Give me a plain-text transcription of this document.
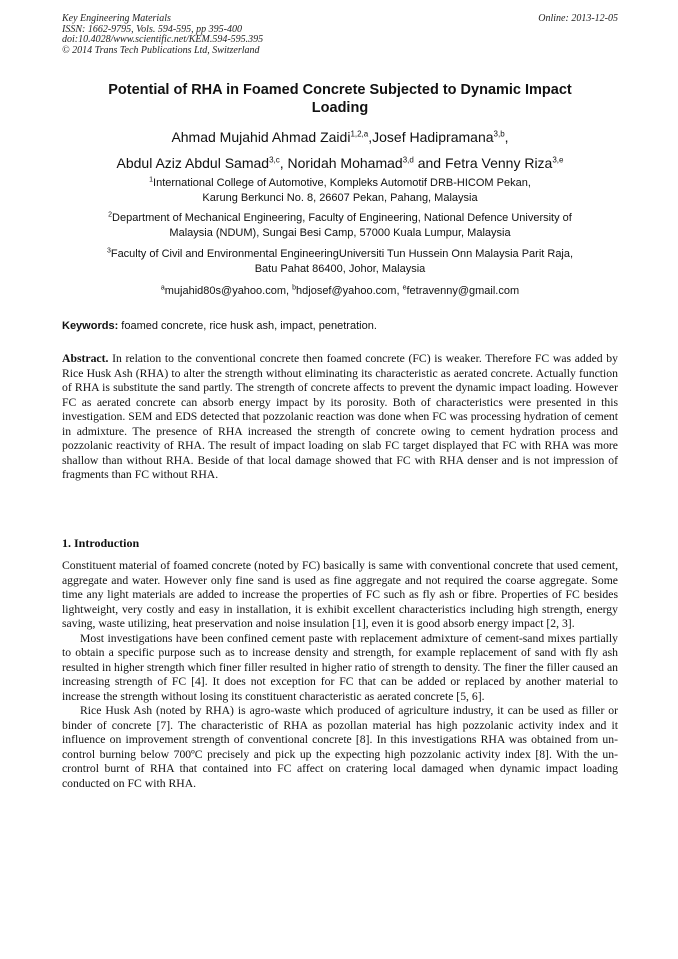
Key Engineering Materials
ISSN: 1662-9795, Vols. 594-595, pp 395-400
doi:10.4028/www.scientific.net/KEM.594-595.395
© 2014 Trans Tech Publications Ltd, Switzerland
Online: 2013-12-05
Potential of RHA in Foamed Concrete Subjected to Dynamic Impact
Loading
Ahmad Mujahid Ahmad Zaidi$^{1,2,a}$,Josef Hadipramana$^{3,b}$,
Abdul Aziz Abdul Samad$^{3,c}$, Noridah Mohamad$^{3,d}$ and Fetra Venny Riza$^{3,e}$
$^1$International College of Automotive, Kompleks Automotif DRB-HICOM Pekan,
Karung Berkunci No. 8, 26607 Pekan, Pahang, Malaysia
$^2$Department of Mechanical Engineering, Faculty of Engineering, National Defence University of
Malaysia (NDUM), Sungai Besi Camp, 57000 Kuala Lumpur, Malaysia
$^3$Faculty of Civil and Environmental EngineeringUniversiti Tun Hussein Onn Malaysia Parit Raja,
Batu Pahat 86400, Johor, Malaysia
$^a$mujahid80s@yahoo.com, $^b$hdjosef@yahoo.com, $^e$fetravenny@gmail.com
Keywords: foamed concrete, rice husk ash, impact, penetration.
Abstract. In relation to the conventional concrete then foamed concrete (FC) is weaker. Therefore FC was added by Rice Husk Ash (RHA) to alter the strength without eliminating its characteristic as aerated concrete. Actually function of RHA is substitute the sand partly. The strength of concrete affects to prevent the dynamic impact loading. However FC as aerated concrete can absorb energy impact by its porosity. Both of characteristics were presented in this investigation. SEM and EDS detected that pozzolanic reaction was done when FC was processing hydration of cement in admixture. The presence of RHA increased the strength of concrete owing to cement hydration process and pozzolanic reactivity of RHA. The result of impact loading on slab FC target displayed that FC with RHA was more shallow than without RHA. Beside of that local damage showed that FC with RHA denser and is not impression of fragments than FC without RHA.
1. Introduction

Constituent material of foamed concrete (noted by FC) basically is same with conventional concrete that used cement, aggregate and water. However only fine sand is used as fine aggregate and not required the coarse aggregate. Some time any light materials are added to increase the properties of FC such as fly ash or fibre. Properties of FC besides lightweight, very costly and easy in installation, it is exhibit excellent characteristics including high strength, energy saving, waste utilizing, heat preservation and noise insulation [1], even it is good absorb energy impact [2, 3].

Most investigations have been confined cement paste with replacement admixture of cement-sand mixes partially to obtain a specific purpose such as to increase density and strength, for example replacement of sand with fly ash resulted in higher strength which finer filler resulted in higher ratio of strength to density. The finer the filler caused an increasing strength of FC [4]. It does not exception for FC that can be added or replaced by another material to increase the strength without losing its constituent characteristic as aerated concrete [5, 6].

Rice Husk Ash (noted by RHA) is agro-waste which produced of agriculture industry, it can be used as filler or binder of concrete [7]. The characteristic of RHA as pozollan material has high pozzolanic activity index and it influence on improvement strength of conventional concrete [8]. In this investigations RHA was obtained from un-control burning below 700ºC precisely and pick up the expecting high pozzolanic activity index [8]. With the un-crontrol burnt of RHA that contained into FC affect on cratering local damaged when dynamic impact loading conducted on FC with RHA.
